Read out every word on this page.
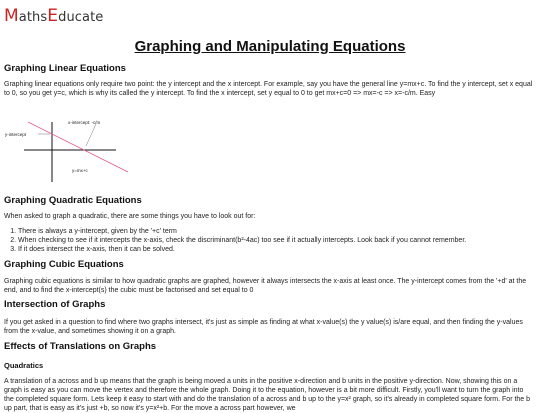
MathsEducate
Graphing and Manipulating Equations
Graphing Linear Equations

Graphing linear equations only require two point: the y intercept and the x intercept. For example, say you have the general line y=mx+c. To find the y intercept, set x equal to 0, so you get y=c, which is why its called the y intercept. To find the x intercept, set y equal to 0 to get mx+c=0 => mx=-c => x=-c/m. Easy

x-intercept: -c/m
y-intercept
y=mx+c
Graphing Quadratic Equations

When asked to graph a quadratic, there are some things you have to look out for:

1. There is always a y-intercept, given by the '+c' term
2. When checking to see if it intercepts the x-axis, check the discriminant(b²-4ac) too see if it actually intercepts. Look back if you cannot remember.
3. If it does intersect the x-axis, then it can be solved.
Graphing Cubic Equations

Graphing cubic equations is similar to how quadratic graphs are graphed, however it always intersects the x-axis at least once. The y-intercept comes from the '+d' at the end, and to find the x-intercept(s) the cubic must be factorised and set equal to 0

Intersection of Graphs

If you get asked in a question to find where two graphs intersect, it's just as simple as finding at what x-value(s) the y value(s) is/are equal, and then finding the y-values from the x-value, and sometimes showing it on a graph.

Effects of Translations on Graphs
Quadratics

A translation of a across and b up means that the graph is being moved a units in the positive x-direction and b units in the positive y-direction. Now, showing this on a graph is easy as you can move the vertex and therefore the whole graph. Doing it to the equation, however is a bit more difficult. Firstly, you'll want to turn the graph into the completed square form. Lets keep it easy to start with and do the translation of a across and b up to the y=x² graph, so it's already in completed square form. For the b up part, that is easy as it's just +b, so now it's y=x²+b. For the move a across part however, we
